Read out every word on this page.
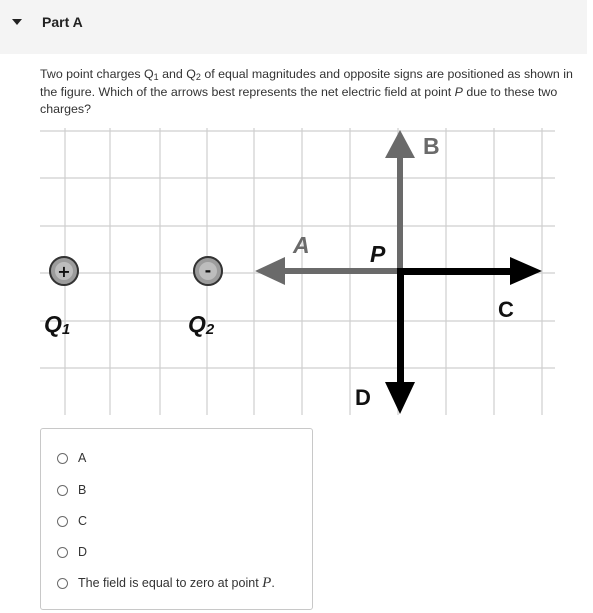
Part A
Two point charges $Q_1$ and $Q_2$ of equal magnitudes and opposite signs are positioned as shown in the figure. Which of the arrows best represents the net electric field at point P due to these two charges?
+	-
Q1	Q2
A
B
C
D
P
A
B
C
D
The field is equal to zero at point P.
